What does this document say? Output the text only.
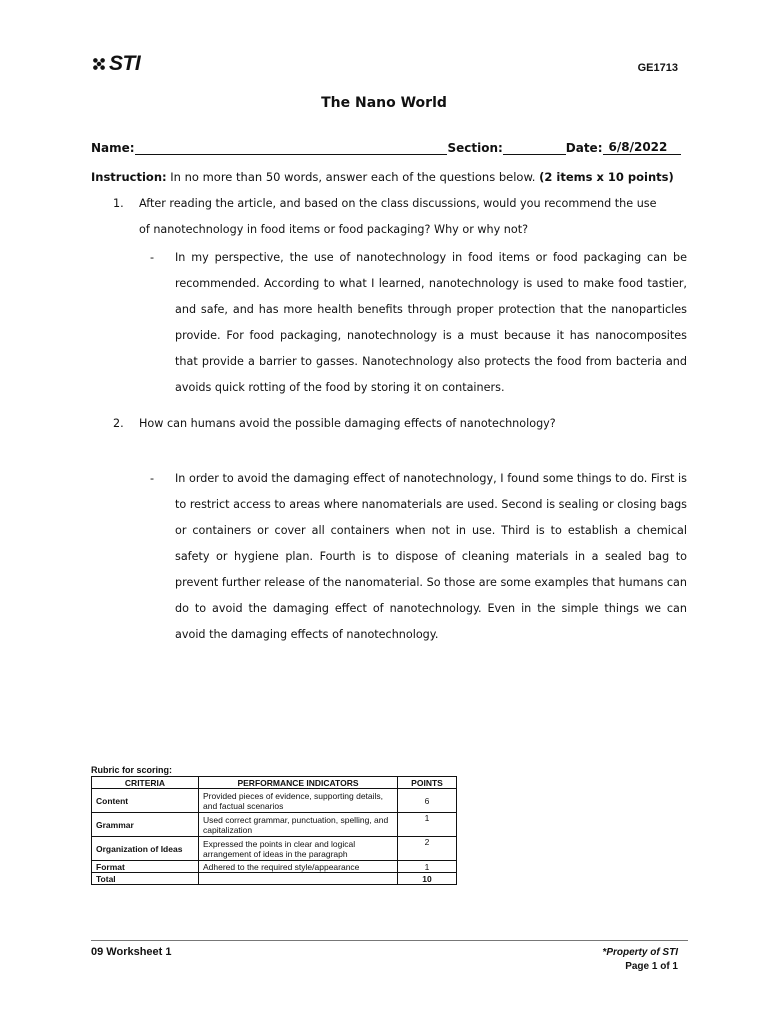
STI	GE1713
The Nano World
Name:	Section:	Date: 6/8/2022
Instruction: In no more than 50 words, answer each of the questions below. (2 items x 10 points)
1. After reading the article, and based on the class discussions, would you recommend the use of nanotechnology in food items or food packaging? Why or why not?
- In my perspective, the use of nanotechnology in food items or food packaging can be recommended. According to what I learned, nanotechnology is used to make food tastier, and safe, and has more health benefits through proper protection that the nanoparticles provide. For food packaging, nanotechnology is a must because it has nanocomposites that provide a barrier to gasses. Nanotechnology also protects the food from bacteria and avoids quick rotting of the food by storing it on containers.
2. How can humans avoid the possible damaging effects of nanotechnology?
- In order to avoid the damaging effect of nanotechnology, I found some things to do. First is to restrict access to areas where nanomaterials are used. Second is sealing or closing bags or containers or cover all containers when not in use. Third is to establish a chemical safety or hygiene plan. Fourth is to dispose of cleaning materials in a sealed bag to prevent further release of the nanomaterial. So those are some examples that humans can do to avoid the damaging effect of nanotechnology. Even in the simple things we can avoid the damaging effects of nanotechnology.
Rubric for scoring:
CRITERIA	PERFORMANCE INDICATORS	POINTS
Content	Provided pieces of evidence, supporting details, and factual scenarios	6
Grammar	Used correct grammar, punctuation, spelling, and capitalization	1
Organization of Ideas	Expressed the points in clear and logical arrangement of ideas in the paragraph	2
Format	Adhered to the required style/appearance	1
Total		10
09 Worksheet 1	*Property of STI
Page 1 of 1
